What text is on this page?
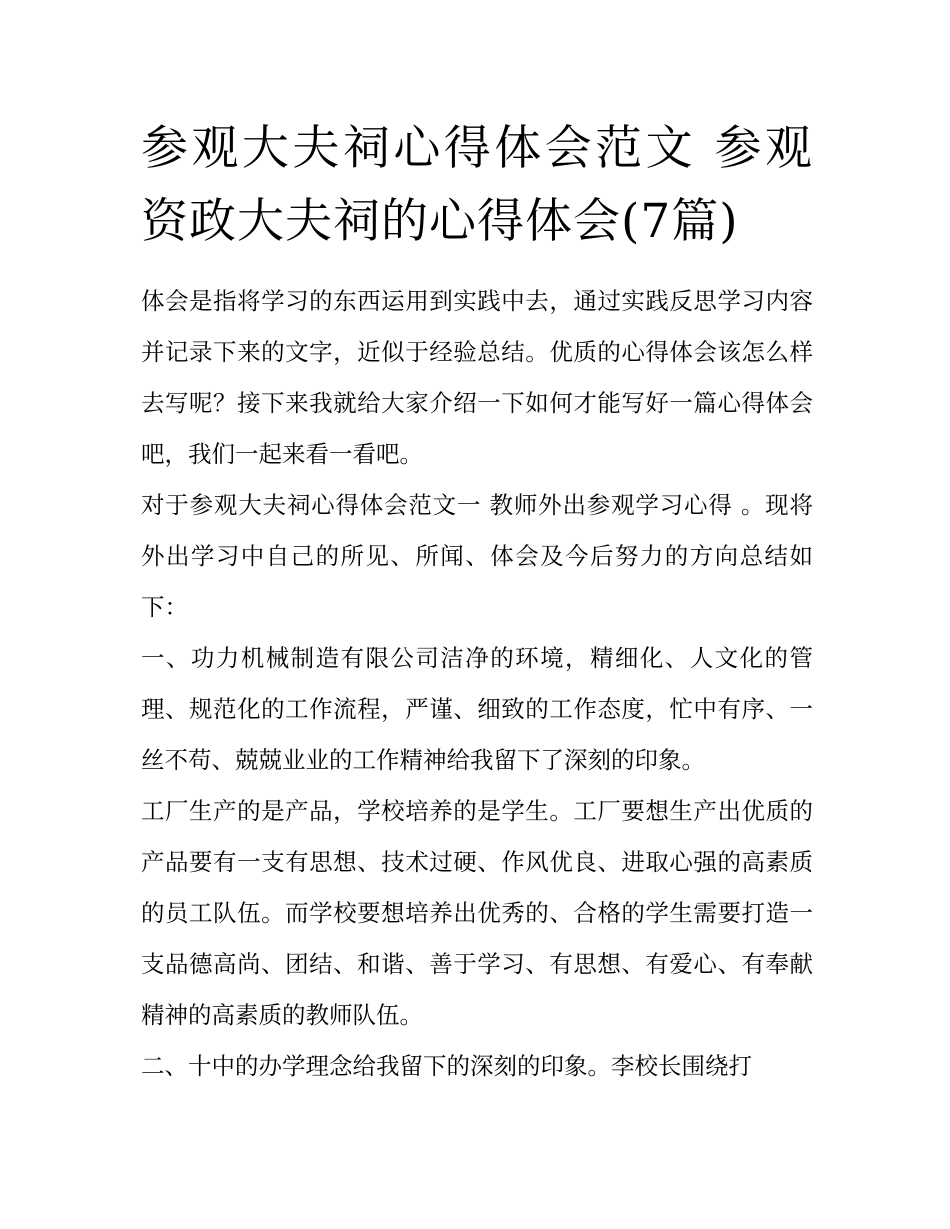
参观大夫祠心得体会范文 参观资政大夫祠的心得体会(7篇)

体会是指将学习的东西运用到实践中去，通过实践反思学习内容并记录下来的文字，近似于经验总结。优质的心得体会该怎么样去写呢？接下来我就给大家介绍一下如何才能写好一篇心得体会吧，我们一起来看一看吧。

对于参观大夫祠心得体会范文一 教师外出参观学习心得 。现将外出学习中自己的所见、所闻、体会及今后努力的方向总结如下：

一、功力机械制造有限公司洁净的环境，精细化、人文化的管理、规范化的工作流程，严谨、细致的工作态度，忙中有序、一丝不苟、兢兢业业的工作精神给我留下了深刻的印象。

工厂生产的是产品，学校培养的是学生。工厂要想生产出优质的产品要有一支有思想、技术过硬、作风优良、进取心强的高素质的员工队伍。而学校要想培养出优秀的、合格的学生需要打造一支品德高尚、团结、和谐、善于学习、有思想、有爱心、有奉献精神的高素质的教师队伍。

二、十中的办学理念给我留下的深刻的印象。李校长围绕打
